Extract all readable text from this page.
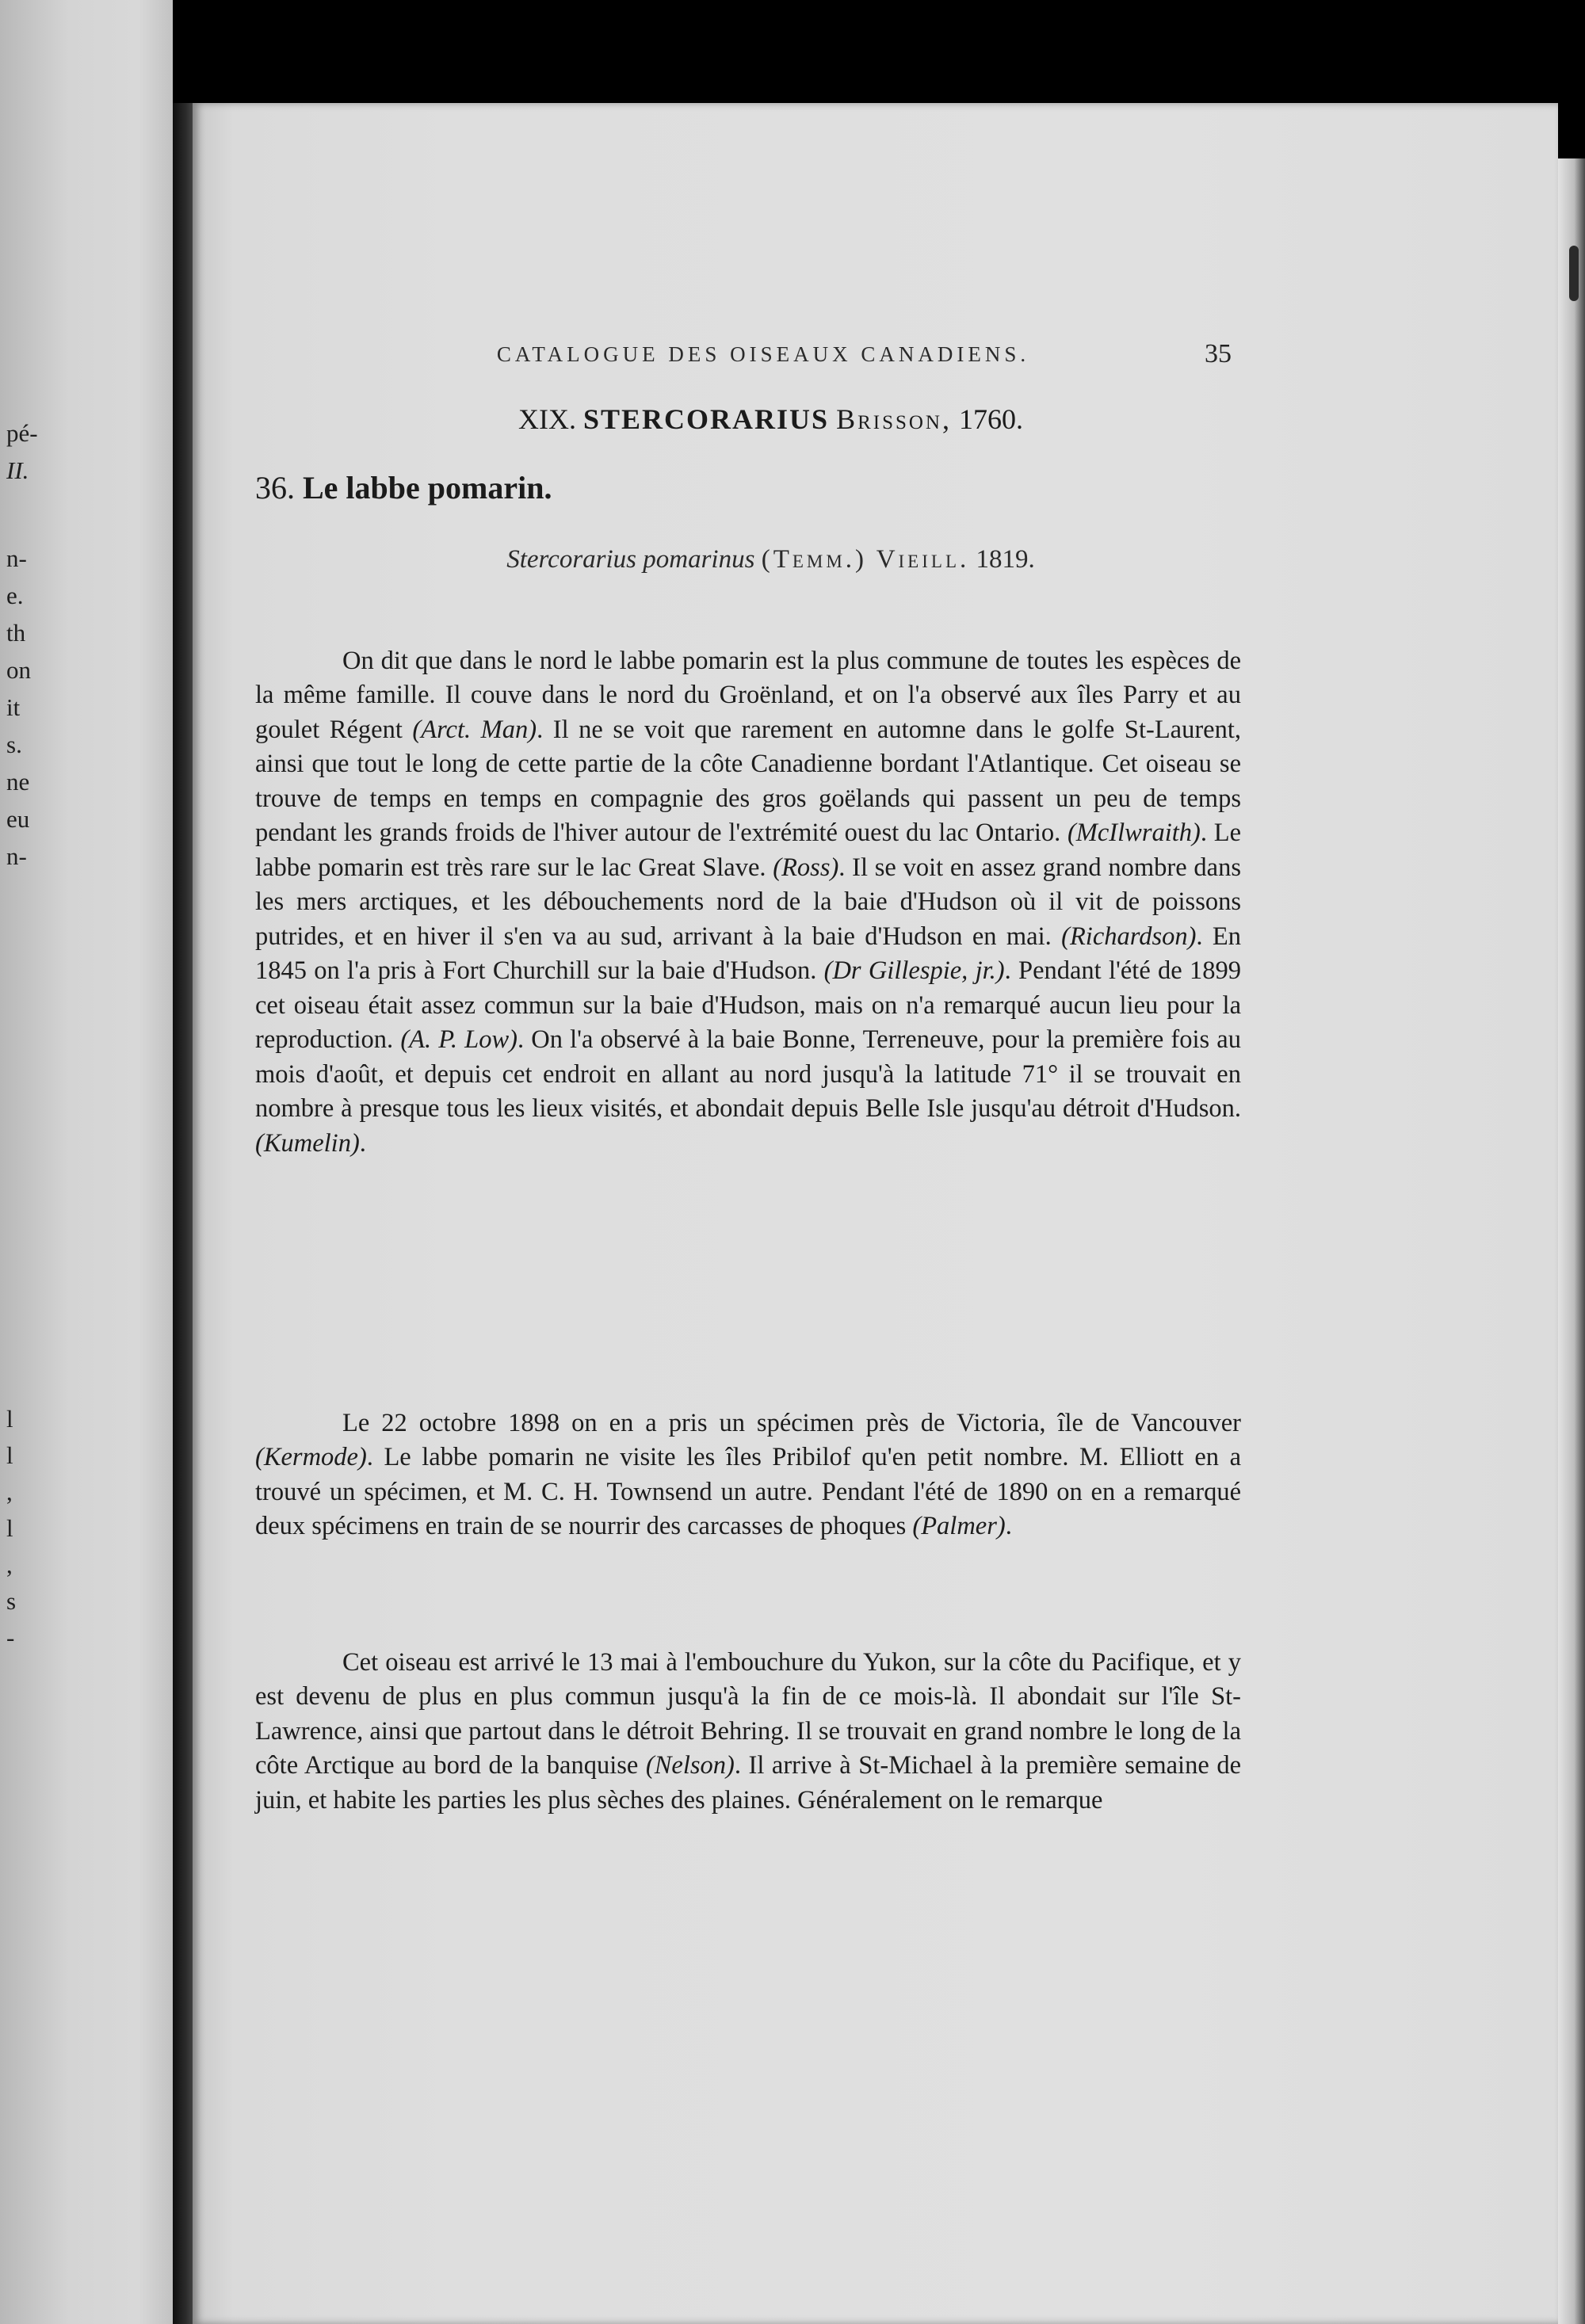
pé-
II.
n-
e.
th
on
it
s.
ne
eu
n-
l
l
,
l
,
s
-
CATALOGUE DES OISEAUX CANADIENS.	35
XIX. STERCORARIUS Brisson, 1760.
36. Le labbe pomarin.
Stercorarius pomarinus (Temm.) Vieill. 1819.

On dit que dans le nord le labbe pomarin est la plus commune de toutes les espèces de la même famille. Il couve dans le nord du Groënland, et on l'a observé aux îles Parry et au goulet Régent (Arct. Man). Il ne se voit que rarement en automne dans le golfe St-Laurent, ainsi que tout le long de cette partie de la côte Canadienne bordant l'Atlantique. Cet oiseau se trouve de temps en temps en compagnie des gros goëlands qui passent un peu de temps pendant les grands froids de l'hiver autour de l'extrémité ouest du lac Ontario. (McIlwraith). Le labbe pomarin est très rare sur le lac Great Slave. (Ross). Il se voit en assez grand nombre dans les mers arctiques, et les débouchements nord de la baie d'Hudson où il vit de poissons putrides, et en hiver il s'en va au sud, arrivant à la baie d'Hudson en mai. (Richardson). En 1845 on l'a pris à Fort Churchill sur la baie d'Hudson. (Dr Gillespie, jr.). Pendant l'été de 1899 cet oiseau était assez commun sur la baie d'Hudson, mais on n'a remarqué aucun lieu pour la reproduction. (A. P. Low). On l'a observé à la baie Bonne, Terreneuve, pour la première fois au mois d'août, et depuis cet endroit en allant au nord jusqu'à la latitude 71° il se trouvait en nombre à presque tous les lieux visités, et abondait depuis Belle Isle jusqu'au détroit d'Hudson. (Kumelin).

Le 22 octobre 1898 on en a pris un spécimen près de Victoria, île de Vancouver (Kermode). Le labbe pomarin ne visite les îles Pribilof qu'en petit nombre. M. Elliott en a trouvé un spécimen, et M. C. H. Townsend un autre. Pendant l'été de 1890 on en a remarqué deux spécimens en train de se nourrir des carcasses de phoques (Palmer).

Cet oiseau est arrivé le 13 mai à l'embouchure du Yukon, sur la côte du Pacifique, et y est devenu de plus en plus commun jusqu'à la fin de ce mois-là. Il abondait sur l'île St-Lawrence, ainsi que partout dans le détroit Behring. Il se trouvait en grand nombre le long de la côte Arctique au bord de la banquise (Nelson). Il arrive à St-Michael à la première semaine de juin, et habite les parties les plus sèches des plaines. Généralement on le remarque
